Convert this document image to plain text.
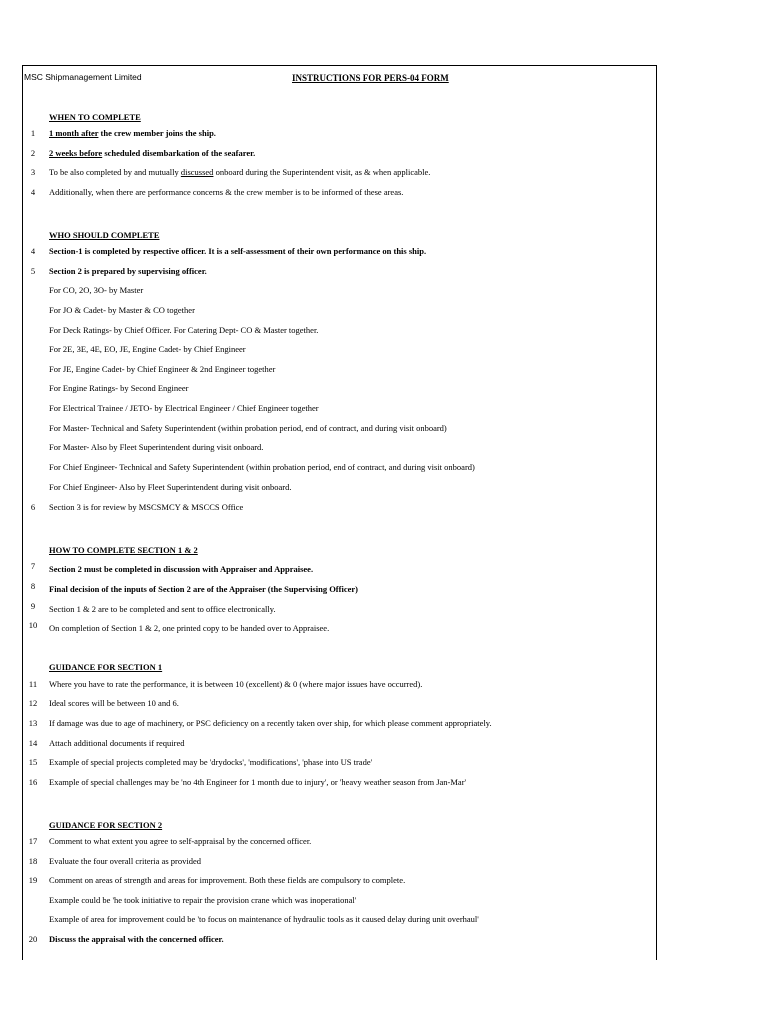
MSC Shipmanagement Limited	INSTRUCTIONS FOR PERS-04 FORM
WHEN TO COMPLETE
1	1 month after the crew member joins the ship.
2	2 weeks before scheduled disembarkation of the seafarer.
3	To be also completed by and mutually discussed onboard during the Superintendent visit, as & when applicable.
4	Additionally, when there are performance concerns & the crew member is to be informed of these areas.
WHO SHOULD COMPLETE
4	Section-1 is completed by respective officer. It is a self-assessment of their own performance on this ship.
5	Section 2 is prepared by supervising officer.
For CO, 2O, 3O- by Master
For JO & Cadet- by Master & CO together
For Deck Ratings- by Chief Officer. For Catering Dept- CO & Master together.
For 2E, 3E, 4E, EO, JE, Engine Cadet- by Chief Engineer
For JE, Engine Cadet- by Chief Engineer & 2nd Engineer together
For Engine Ratings- by Second Engineer
For Electrical Trainee / JETO- by Electrical Engineer / Chief Engineer together
For Master- Technical and Safety Superintendent (within probation period, end of contract, and during visit onboard)
For Master- Also by Fleet Superintendent during visit onboard.
For Chief Engineer- Technical and Safety Superintendent (within probation period, end of contract, and during visit onboard)
For Chief Engineer- Also by Fleet Superintendent during visit onboard.
6	Section 3 is for review by MSCSMCY & MSCCS Office
HOW TO COMPLETE SECTION 1 & 2
7	Section 2 must be completed in discussion with Appraiser and Appraisee.
8	Final decision of the inputs of Section 2 are of the Appraiser (the Supervising Officer)
9	Section 1 & 2 are to be completed and sent to office electronically.
10	On completion of Section 1 & 2, one printed copy to be handed over to Appraisee.
GUIDANCE FOR SECTION 1
11	Where you have to rate the performance, it is between 10 (excellent) & 0 (where major issues have occurred).
12	Ideal scores will be between 10 and 6.
13	If damage was due to age of machinery, or PSC deficiency on a recently taken over ship, for which please comment appropriately.
14	Attach additional documents if required
15	Example of special projects completed may be 'drydocks', 'modifications', 'phase into US trade'
16	Example of special challenges may be 'no 4th Engineer for 1 month due to injury', or 'heavy weather season from Jan-Mar'
GUIDANCE FOR SECTION 2
17	Comment to what extent you agree to self-appraisal by the concerned officer.
18	Evaluate the four overall criteria as provided
19	Comment on areas of strength and areas for improvement. Both these fields are compulsory to complete.
Example could be 'he took initiative to repair the provision crane which was inoperational'
Example of area for improvement could be 'to focus on maintenance of hydraulic tools as it caused delay during unit overhaul'
20	Discuss the appraisal with the concerned officer.
